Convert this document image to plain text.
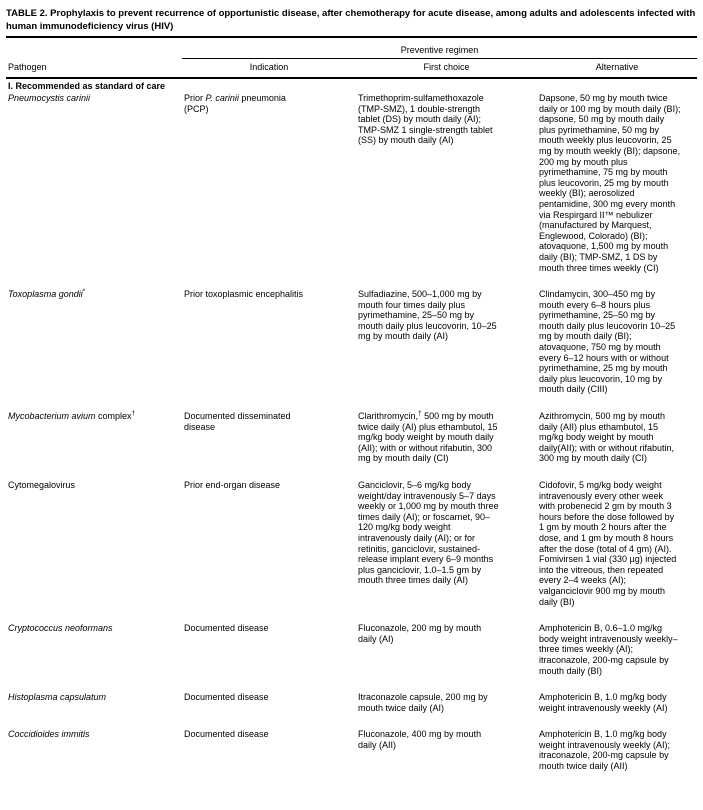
TABLE 2. Prophylaxis to prevent recurrence of opportunistic disease, after chemotherapy for acute disease, among adults and adolescents infected with human immunodeficiency virus (HIV)
	Preventive regimen		
Pathogen	Indication	First choice	Alternative
I. Recommended as standard of care			
Pneumocystis carinii	Prior P. carinii pneumonia (PCP)	Trimethoprim-sulfamethoxazole (TMP-SMZ), 1 double-strength tablet (DS) by mouth daily (AI); TMP-SMZ 1 single-strength tablet (SS) by mouth daily (AI)	Dapsone, 50 mg by mouth twice daily or 100 mg by mouth daily (BI); dapsone, 50 mg by mouth daily plus pyrimethamine, 50 mg by mouth weekly plus leucovorin, 25 mg by mouth weekly (BI); dapsone, 200 mg by mouth plus pyrimethamine, 75 mg by mouth plus leucovorin, 25 mg by mouth weekly (BI); aerosolized pentamidine, 300 mg every month via Respirgard II™ nebulizer (manufactured by Marquest, Englewood, Colorado) (BI); atovaquone, 1,500 mg by mouth daily (BI); TMP-SMZ, 1 DS by mouth three times weekly (CI)
Toxoplasma gondii*	Prior toxoplasmic encephalitis	Sulfadiazine, 500–1,000 mg by mouth four times daily plus pyrimethamine, 25–50 mg by mouth daily plus leucovorin, 10–25 mg by mouth daily (AI)	Clindamycin, 300–450 mg by mouth every 6–8 hours plus pyrimethamine, 25–50 mg by mouth daily plus leucovorin 10–25 mg by mouth daily (BI); atovaquone, 750 mg by mouth every 6–12 hours with or without pyrimethamine, 25 mg by mouth daily plus leucovorin, 10 mg by mouth daily (CIII)
Mycobacterium avium complex†	Documented disseminated disease	Clarithromycin,† 500 mg by mouth twice daily (AI) plus ethambutol, 15 mg/kg body weight by mouth daily (AII); with or without rifabutin, 300 mg by mouth daily (CI)	Azithromycin, 500 mg by mouth daily (AII) plus ethambutol, 15 mg/kg body weight by mouth daily(AII); with or without rifabutin, 300 mg by mouth daily (CI)
Cytomegalovirus	Prior end-organ disease	Ganciclovir, 5–6 mg/kg body weight/day intravenously 5–7 days weekly or 1,000 mg by mouth three times daily (AI); or foscarnet, 90–120 mg/kg body weight intravenously daily (AI); or for retinitis, ganciclovir, sustained-release implant every 6–9 months plus ganciclovir, 1.0–1.5 gm by mouth three times daily (AI)	Cidofovir, 5 mg/kg body weight intravenously every other week with probenecid 2 gm by mouth 3 hours before the dose followed by 1 gm by mouth 2 hours after the dose, and 1 gm by mouth 8 hours after the dose (total of 4 gm) (AI). Fomivirsen 1 vial (330 µg) injected into the vitreous, then repeated every 2–4 weeks (AI); valganciclovir 900 mg by mouth daily (BI)
Cryptococcus neoformans	Documented disease	Fluconazole, 200 mg by mouth daily (AI)	Amphotericin B, 0.6–1.0 mg/kg body weight intravenously weekly–three times weekly (AI); itraconazole, 200-mg capsule by mouth daily (BI)
Histoplasma capsulatum	Documented disease	Itraconazole capsule, 200 mg by mouth twice daily (AI)	Amphotericin B, 1.0 mg/kg body weight intravenously weekly (AI)
Coccidioides immitis	Documented disease	Fluconazole, 400 mg by mouth daily (AII)	Amphotericin B, 1.0 mg/kg body weight intravenously weekly (AI); itraconazole, 200-mg capsule by mouth twice daily (AII)
